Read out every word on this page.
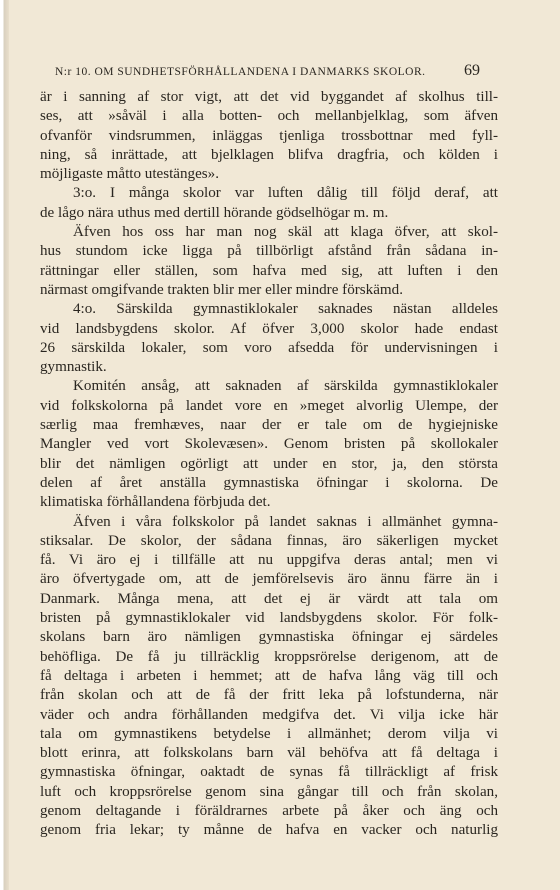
N:r 10. OM SUNDHETSFÖRHÅLLANDENA I DANMARKS SKOLOR. 69
är i sanning af stor vigt, att det vid byggandet af skolhus till-
ses, att »såväl i alla botten- och mellanbjelklag, som äfven
ofvanför vindsrummen, inläggas tjenliga trossbottnar med fyll-
ning, så inrättade, att bjelklagen blifva dragfria, och kölden i
möjligaste måtto utestänges».
3:o. I många skolor var luften dålig till följd deraf, att
de lågo nära uthus med dertill hörande gödselhögar m. m.
Äfven hos oss har man nog skäl att klaga öfver, att skol-
hus stundom icke ligga på tillbörligt afstånd från sådana in-
rättningar eller ställen, som hafva med sig, att luften i den
närmast omgifvande trakten blir mer eller mindre förskämd.
4:o. Särskilda gymnastiklokaler saknades nästan alldeles
vid landsbygdens skolor. Af öfver 3,000 skolor hade endast
26 särskilda lokaler, som voro afsedda för undervisningen i
gymnastik.
Komitén ansåg, att saknaden af särskilda gymnastiklokaler
vid folkskolorna på landet vore en »meget alvorlig Ulempe, der
særlig maa fremhæves, naar der er tale om de hygiejniske
Mangler ved vort Skolevæsen». Genom bristen på skollokaler
blir det nämligen ogörligt att under en stor, ja, den största
delen af året anställa gymnastiska öfningar i skolorna. De
klimatiska förhållandena förbjuda det.
Äfven i våra folkskolor på landet saknas i allmänhet gymna-
stiksalar. De skolor, der sådana finnas, äro säkerligen mycket
få. Vi äro ej i tillfälle att nu uppgifva deras antal; men vi
äro öfvertygade om, att de jemförelsevis äro ännu färre än i
Danmark. Många mena, att det ej är värdt att tala om
bristen på gymnastiklokaler vid landsbygdens skolor. För folk-
skolans barn äro nämligen gymnastiska öfningar ej särdeles
behöfliga. De få ju tillräcklig kroppsrörelse derigenom, att de
få deltaga i arbeten i hemmet; att de hafva lång väg till och
från skolan och att de få der fritt leka på lofstunderna, när
väder och andra förhållanden medgifva det. Vi vilja icke här
tala om gymnastikens betydelse i allmänhet; derom vilja vi
blott erinra, att folkskolans barn väl behöfva att få deltaga i
gymnastiska öfningar, oaktadt de synas få tillräckligt af frisk
luft och kroppsrörelse genom sina gångar till och från skolan,
genom deltagande i föräldrarnes arbete på åker och äng och
genom fria lekar; ty månne de hafva en vacker och naturlig
